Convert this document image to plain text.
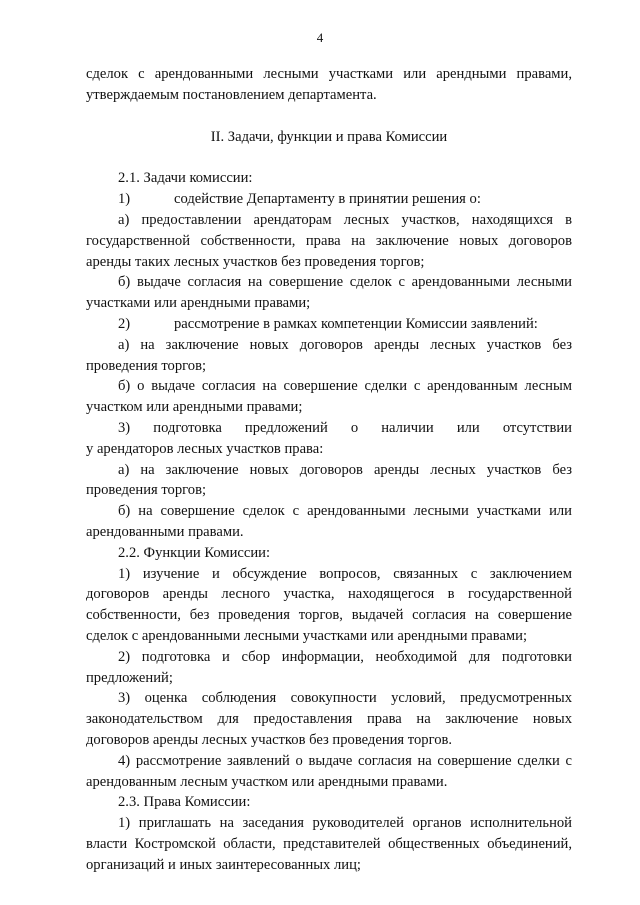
4

сделок с арендованными лесными участками или арендными правами, утверждаемым постановлением департамента.

II. Задачи, функции и права Комиссии

2.1. Задачи комиссии:

1)	содействие Департаменту в принятии решения о:

а) предоставлении арендаторам лесных участков, находящихся в государственной собственности, права на заключение новых договоров аренды таких лесных участков без проведения торгов;

б) выдаче согласия на совершение сделок с арендованными лесными участками или арендными правами;

2)	рассмотрение в рамках компетенции Комиссии заявлений:

а) на заключение новых договоров аренды лесных участков без проведения торгов;

б) о выдаче согласия на совершение сделки с арендованным лесным участком или арендными правами;

3) подготовка предложений о наличии или отсутствии

у арендаторов лесных участков права:

а) на заключение новых договоров аренды лесных участков без проведения торгов;

б) на совершение сделок с арендованными лесными участками или арендованными правами.

2.2. Функции Комиссии:

1) изучение и обсуждение вопросов, связанных с заключением договоров аренды лесного участка, находящегося в государственной собственности, без проведения торгов, выдачей согласия на совершение сделок с арендованными лесными участками или арендными правами;

2) подготовка и сбор информации, необходимой для подготовки предложений;

3) оценка соблюдения совокупности условий, предусмотренных законодательством для предоставления права на заключение новых договоров аренды лесных участков без проведения торгов.

4) рассмотрение заявлений о выдаче согласия на совершение сделки с арендованным лесным участком или арендными правами.

2.3. Права Комиссии:

1) приглашать на заседания руководителей органов исполнительной власти Костромской области, представителей общественных объединений, организаций и иных заинтересованных лиц;
